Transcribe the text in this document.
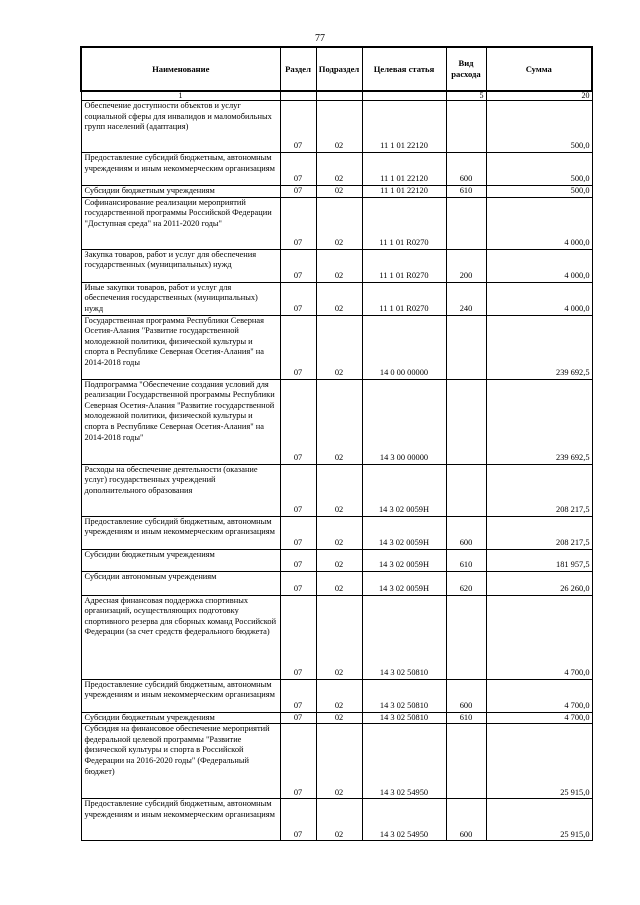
77
Наименование	Раздел	Подраздел	Целевая статья	Вид расхода	Сумма
1				5	20
Обеспечение доступности объектов и услуг социальной сферы для инвалидов и маломобильных групп населений (адаптация)	07	02	11 1 01 22120		500,0
Предоставление субсидий бюджетным, автономным учреждениям и иным некоммерческим организациям	07	02	11 1 01 22120	600	500,0
Субсидии бюджетным учреждениям	07	02	11 1 01 22120	610	500,0
Софинансирование реализации мероприятий государственной программы Российской Федерации "Доступная среда" на 2011-2020 годы"	07	02	11 1 01 R0270		4 000,0
Закупка товаров, работ и услуг для обеспечения государственных (муниципальных) нужд	07	02	11 1 01 R0270	200	4 000,0
Иные закупки товаров, работ и услуг для обеспечения государственных (муниципальных) нужд	07	02	11 1 01 R0270	240	4 000,0
Государственная программа Республики Северная Осетия-Алания "Развитие государственной молодежной политики, физической культуры и спорта в Республике Северная Осетия-Алания" на 2014-2018 годы	07	02	14 0 00 00000		239 692,5
Подпрограмма "Обеспечение создания условий для реализации Государственной программы Республики Северная Осетия-Алания "Развитие государственной молодежной политики, физической культуры и спорта в Республике Северная Осетия-Алания" на 2014-2018 годы"	07	02	14 3 00 00000		239 692,5
Расходы на обеспечение деятельности (оказание услуг) государственных учреждений дополнительного образования	07	02	14 3 02 0059Н		208 217,5
Предоставление субсидий бюджетным, автономным учреждениям и иным некоммерческим организациям	07	02	14 3 02 0059Н	600	208 217,5
Субсидии бюджетным учреждениям	07	02	14 3 02 0059Н	610	181 957,5
Субсидии автономным учреждениям	07	02	14 3 02 0059Н	620	26 260,0
Адресная финансовая поддержка спортивных организаций, осуществляющих подготовку спортивного резерва для сборных команд Российской Федерации (за счет средств федерального бюджета)	07	02	14 3 02 50810		4 700,0
Предоставление субсидий бюджетным, автономным учреждениям и иным некоммерческим организациям	07	02	14 3 02 50810	600	4 700,0
Субсидии бюджетным учреждениям	07	02	14 3 02 50810	610	4 700,0
Субсидия на финансовое обеспечение мероприятий федеральной целевой программы "Развитие физической культуры и спорта в Российской Федерации на 2016-2020 годы" (Федеральный бюджет)	07	02	14 3 02 54950		25 915,0
Предоставление субсидий бюджетным, автономным учреждениям и иным некоммерческим организациям	07	02	14 3 02 54950	600	25 915,0
